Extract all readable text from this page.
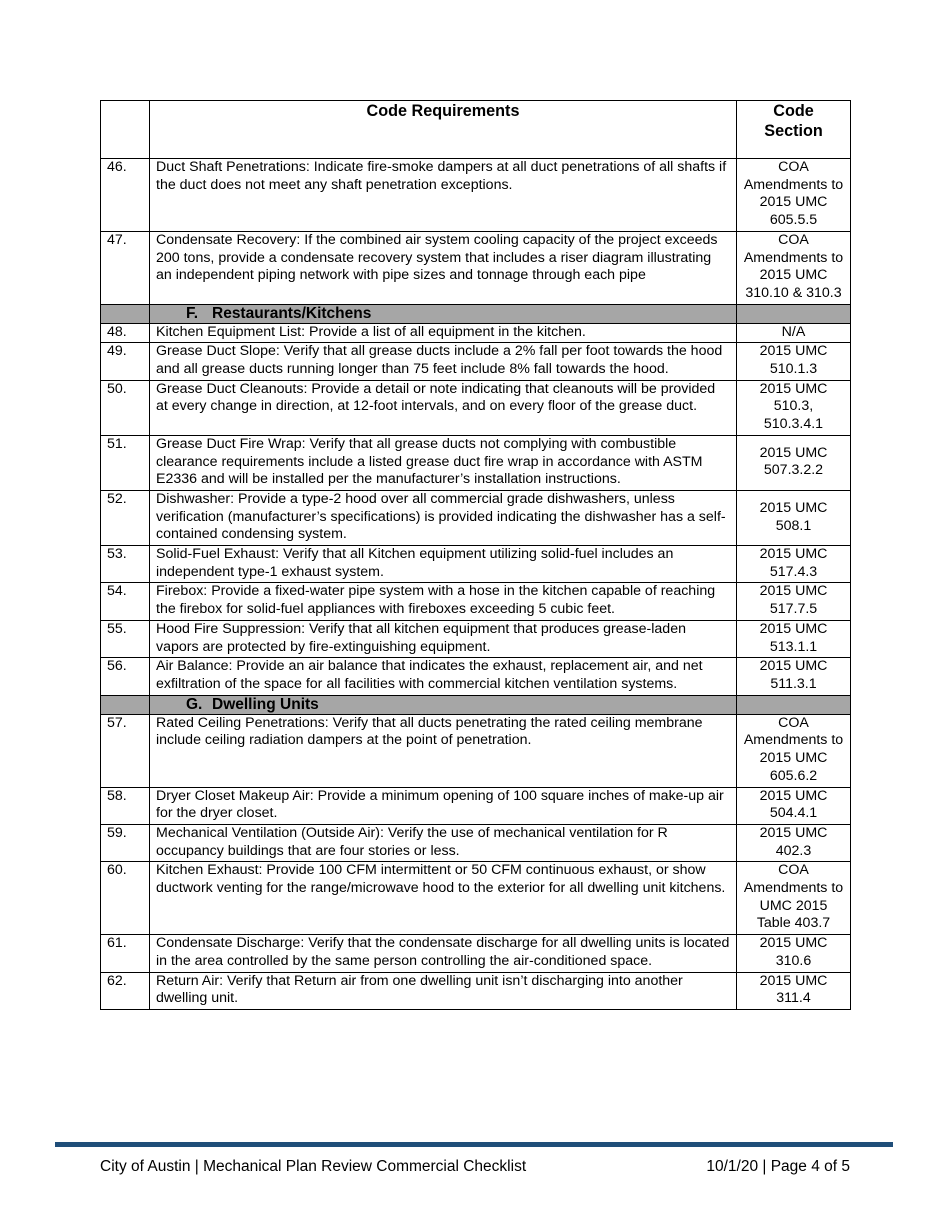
	Code Requirements	Code Section
46.	Duct Shaft Penetrations: Indicate fire-smoke dampers at all duct penetrations of all shafts if the duct does not meet any shaft penetration exceptions.	COA Amendments to 2015 UMC 605.5.5
47.	Condensate Recovery: If the combined air system cooling capacity of the project exceeds 200 tons, provide a condensate recovery system that includes a riser diagram illustrating an independent piping network with pipe sizes and tonnage through each pipe	COA Amendments to 2015 UMC 310.10 & 310.3
	F. Restaurants/Kitchens	
48.	Kitchen Equipment List: Provide a list of all equipment in the kitchen.	N/A
49.	Grease Duct Slope: Verify that all grease ducts include a 2% fall per foot towards the hood and all grease ducts running longer than 75 feet include 8% fall towards the hood.	2015 UMC 510.1.3
50.	Grease Duct Cleanouts: Provide a detail or note indicating that cleanouts will be provided at every change in direction, at 12-foot intervals, and on every floor of the grease duct.	2015 UMC 510.3, 510.3.4.1
51.	Grease Duct Fire Wrap: Verify that all grease ducts not complying with combustible clearance requirements include a listed grease duct fire wrap in accordance with ASTM E2336 and will be installed per the manufacturer’s installation instructions.	2015 UMC 507.3.2.2
52.	Dishwasher: Provide a type-2 hood over all commercial grade dishwashers, unless verification (manufacturer’s specifications) is provided indicating the dishwasher has a self-contained condensing system.	2015 UMC 508.1
53.	Solid-Fuel Exhaust: Verify that all Kitchen equipment utilizing solid-fuel includes an independent type-1 exhaust system.	2015 UMC 517.4.3
54.	Firebox: Provide a fixed-water pipe system with a hose in the kitchen capable of reaching the firebox for solid-fuel appliances with fireboxes exceeding 5 cubic feet.	2015 UMC 517.7.5
55.	Hood Fire Suppression: Verify that all kitchen equipment that produces grease-laden vapors are protected by fire-extinguishing equipment.	2015 UMC 513.1.1
56.	Air Balance: Provide an air balance that indicates the exhaust, replacement air, and net exfiltration of the space for all facilities with commercial kitchen ventilation systems.	2015 UMC 511.3.1
	G. Dwelling Units	
57.	Rated Ceiling Penetrations: Verify that all ducts penetrating the rated ceiling membrane include ceiling radiation dampers at the point of penetration.	COA Amendments to 2015 UMC 605.6.2
58.	Dryer Closet Makeup Air: Provide a minimum opening of 100 square inches of make-up air for the dryer closet.	2015 UMC 504.4.1
59.	Mechanical Ventilation (Outside Air): Verify the use of mechanical ventilation for R occupancy buildings that are four stories or less.	2015 UMC 402.3
60.	Kitchen Exhaust: Provide 100 CFM intermittent or 50 CFM continuous exhaust, or show ductwork venting for the range/microwave hood to the exterior for all dwelling unit kitchens.	COA Amendments to UMC 2015 Table 403.7
61.	Condensate Discharge: Verify that the condensate discharge for all dwelling units is located in the area controlled by the same person controlling the air-conditioned space.	2015 UMC 310.6
62.	Return Air: Verify that Return air from one dwelling unit isn’t discharging into another dwelling unit.	2015 UMC 311.4
City of Austin | Mechanical Plan Review Commercial Checklist	10/1/20 | Page 4 of 5
